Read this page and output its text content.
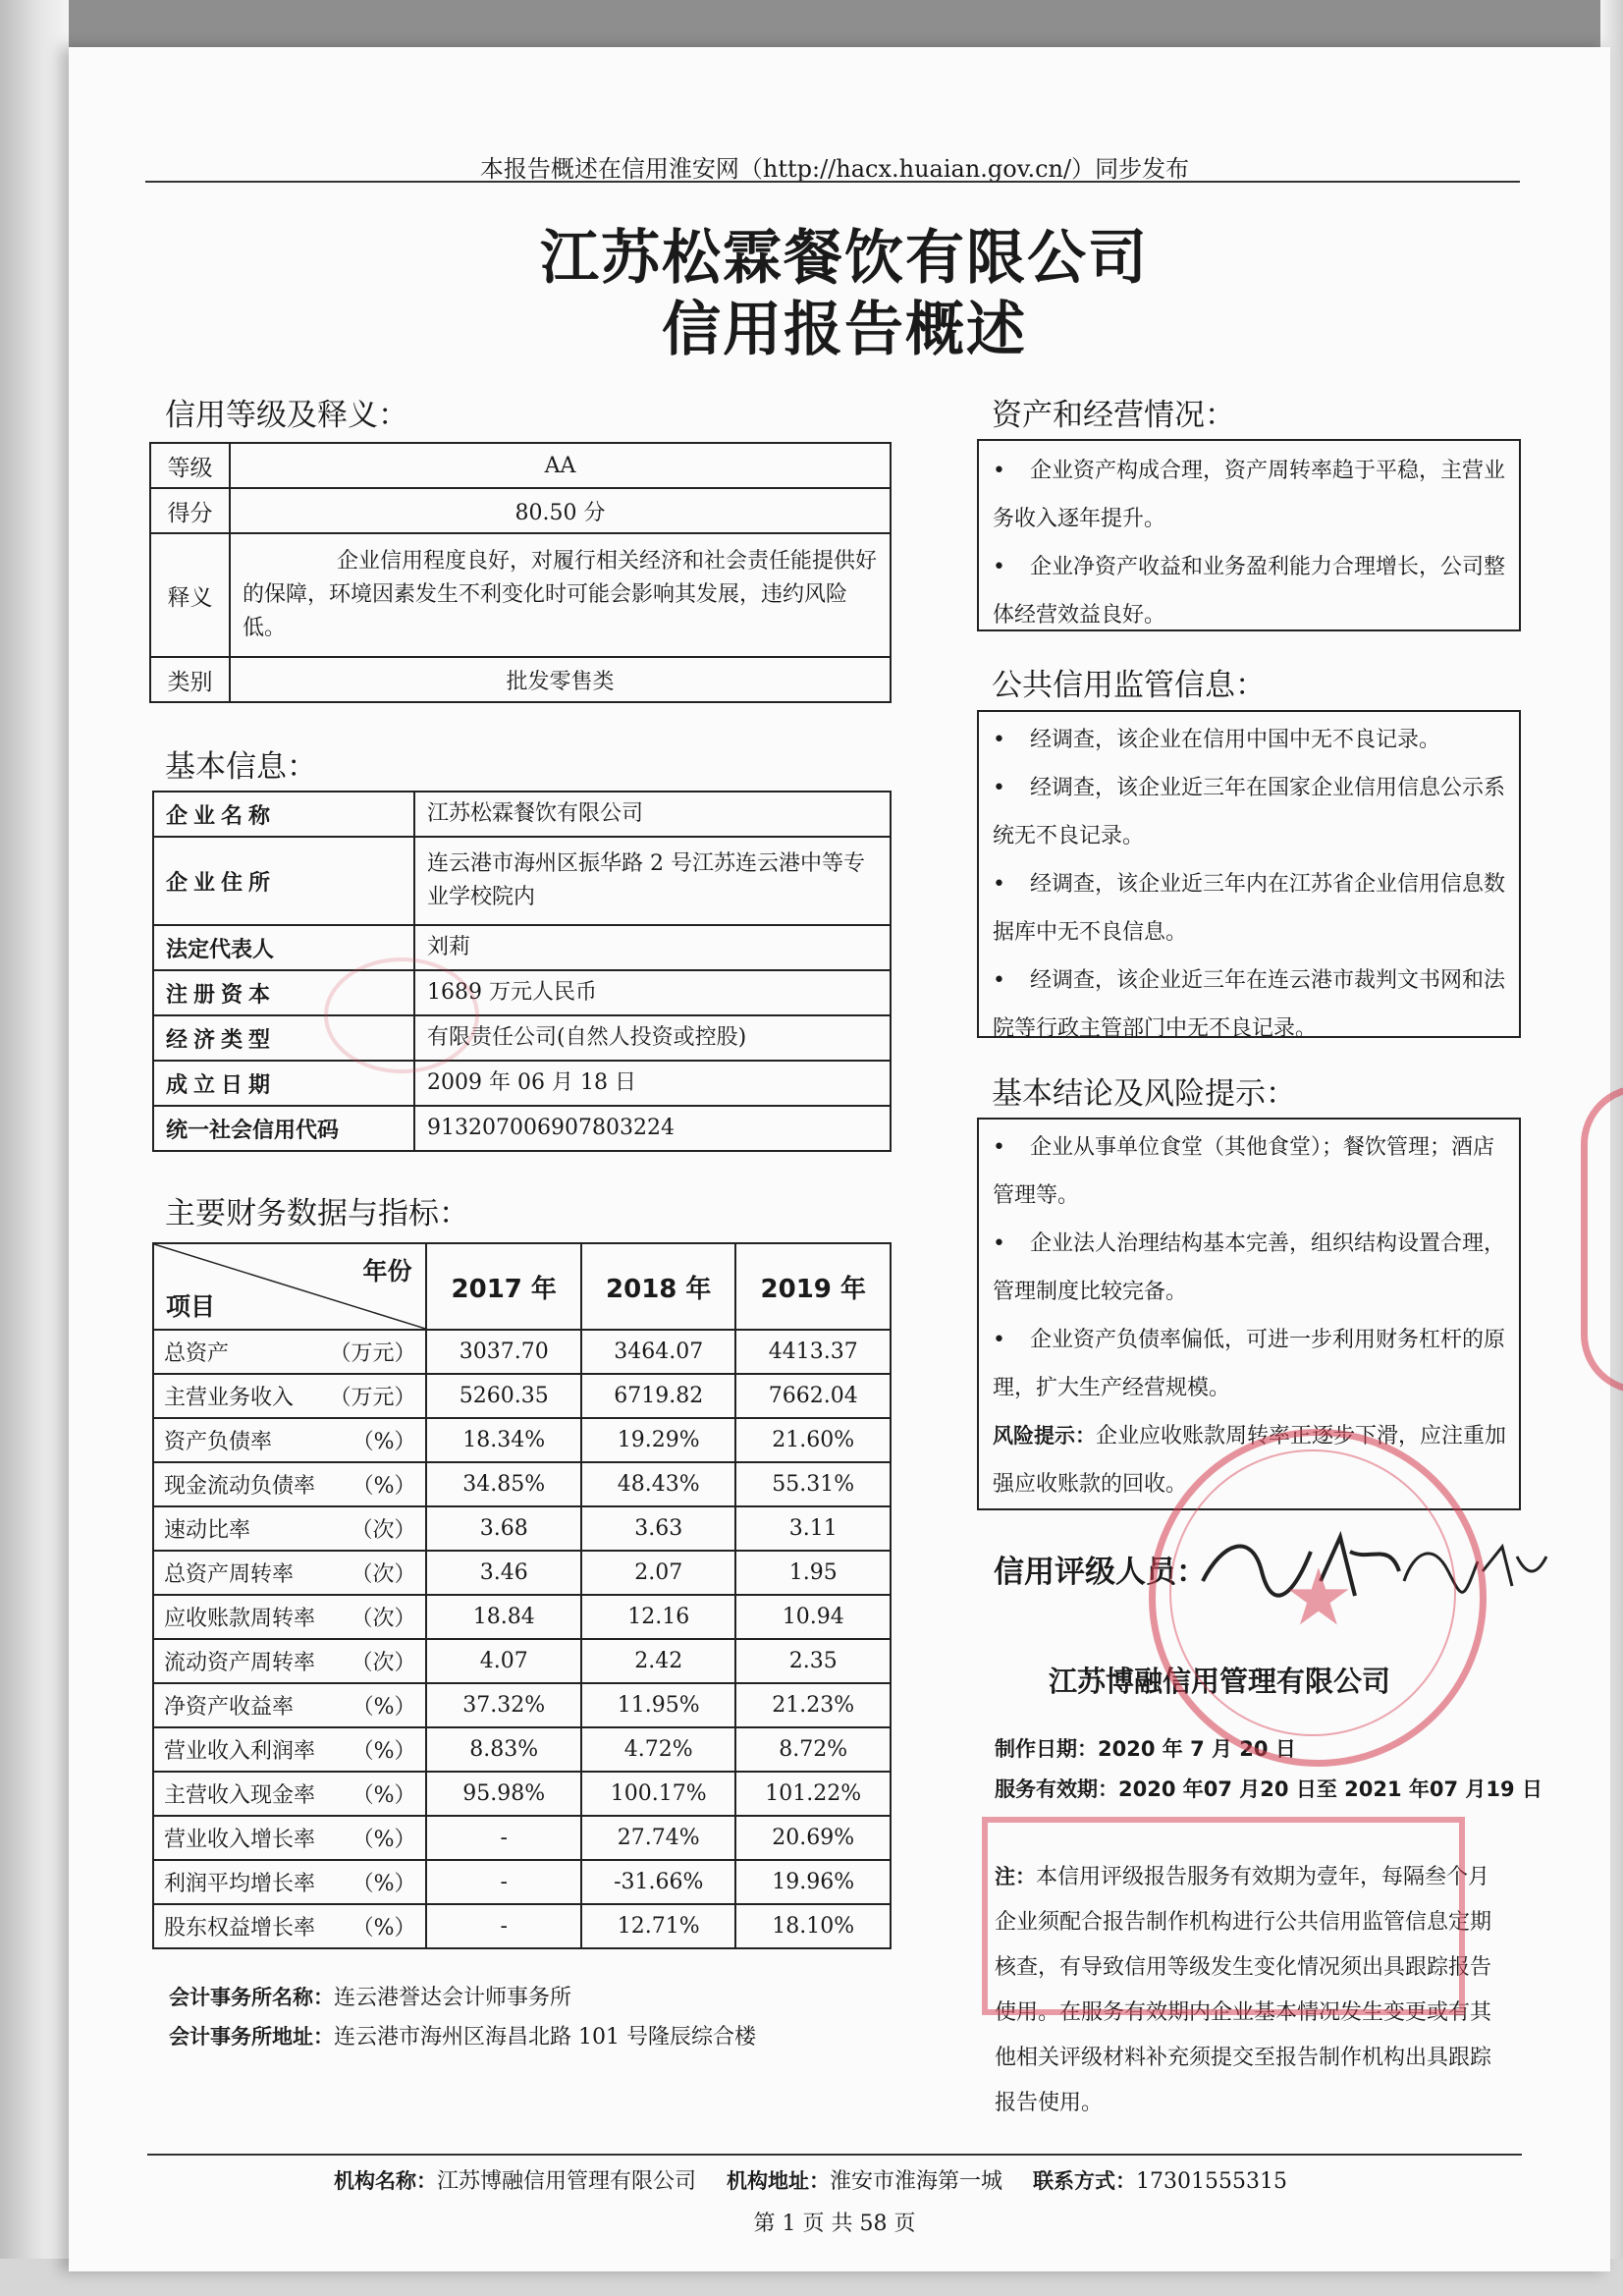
本报告概述在信用淮安网（http://hacx.huaian.gov.cn/）同步发布
江苏松霖餐饮有限公司
信用报告概述
信用等级及释义：
等级	AA
得分	80.50 分
释义	企业信用程度良好，对履行相关经济和社会责任能提供好的保障，环境因素发生不利变化时可能会影响其发展，违约风险低。
类别	批发零售类
基本信息：
企业名称	江苏松霖餐饮有限公司
企业住所	连云港市海州区振华路 2 号江苏连云港中等专业学校院内
法定代表人	刘莉
注册资本	1689 万元人民币
经济类型	有限责任公司(自然人投资或控股)
成立日期	2009 年 06 月 18 日
统一社会信用代码	913207006907803224
主要财务数据与指标：
年份
项目	2017 年	2018 年	2019 年
总资产 （万元）	3037.70	3464.07	4413.37
主营业务收入 （万元）	5260.35	6719.82	7662.04
资产负债率 （%）	18.34%	19.29%	21.60%
现金流动负债率 （%）	34.85%	48.43%	55.31%
速动比率 （次）	3.68	3.63	3.11
总资产周转率 （次）	3.46	2.07	1.95
应收账款周转率 （次）	18.84	12.16	10.94
流动资产周转率 （次）	4.07	2.42	2.35
净资产收益率 （%）	37.32%	11.95%	21.23%
营业收入利润率 （%）	8.83%	4.72%	8.72%
主营收入现金率 （%）	95.98%	100.17%	101.22%
营业收入增长率 （%）	-	27.74%	20.69%
利润平均增长率 （%）	-	-31.66%	19.96%
股东权益增长率 （%）	-	12.71%	18.10%
会计事务所名称：连云港誉达会计师事务所
会计事务所地址：连云港市海州区海昌北路 101 号隆辰综合楼
资产和经营情况：
• 企业资产构成合理，资产周转率趋于平稳，主营业务收入逐年提升。
• 企业净资产收益和业务盈利能力合理增长，公司整体经营效益良好。
公共信用监管信息：
• 经调查，该企业在信用中国中无不良记录。
• 经调查，该企业近三年在国家企业信用信息公示系统无不良记录。
• 经调查，该企业近三年内在江苏省企业信用信息数据库中无不良信息。
• 经调查，该企业近三年在连云港市裁判文书网和法院等行政主管部门中无不良记录。
基本结论及风险提示：
• 企业从事单位食堂（其他食堂）；餐饮管理；酒店管理等。
• 企业法人治理结构基本完善，组织结构设置合理，管理制度比较完备。
• 企业资产负债率偏低，可进一步利用财务杠杆的原理，扩大生产经营规模。
风险提示：企业应收账款周转率正逐步下滑，应注重加强应收账款的回收。
信用评级人员：
江苏博融信用管理有限公司
制作日期：2020 年 7 月 20 日
服务有效期：2020 年07 月20 日至 2021 年07 月19 日
注：本信用评级报告服务有效期为壹年，每隔叁个月企业须配合报告制作机构进行公共信用监管信息定期核查，有导致信用等级发生变化情况须出具跟踪报告使用。在服务有效期内企业基本情况发生变更或有其他相关评级材料补充须提交至报告制作机构出具跟踪报告使用。
★
机构名称：江苏博融信用管理有限公司 机构地址：淮安市淮海第一城 联系方式：17301555315
第 1 页 共 58 页
